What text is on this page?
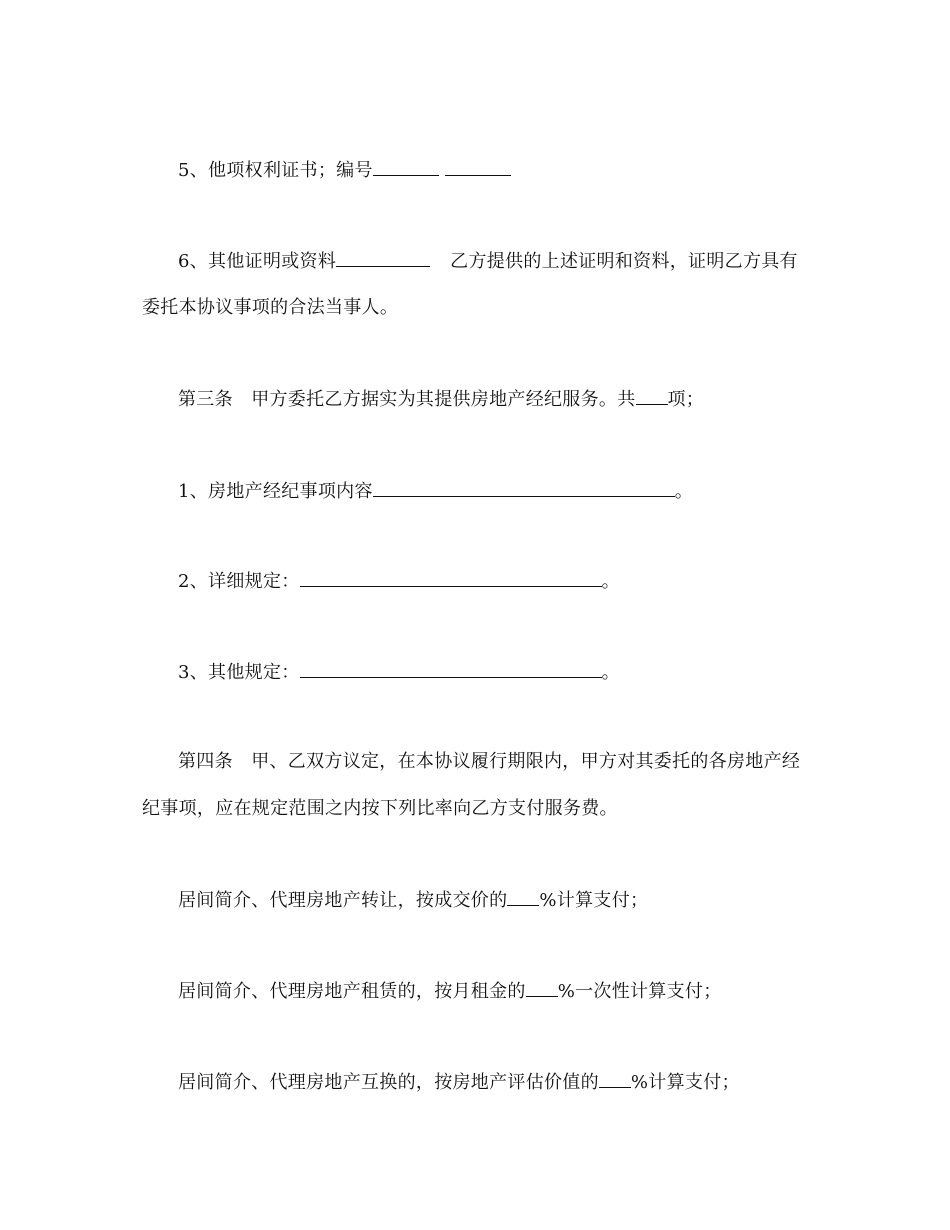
5、他项权利证书；编号
6、其他证明或资料	乙方提供的上述证明和资料，证明乙方具有
委托本协议事项的合法当事人。
第三条　甲方委托乙方据实为其提供房地产经纪服务。共 项；
1、房地产经纪事项内容	。
2、详细规定：	。
3、其他规定：	。
第四条　甲、乙双方议定，在本协议履行期限内，甲方对其委托的各房地产经
纪事项，应在规定范围之内按下列比率向乙方支付服务费。
居间简介、代理房地产转让，按成交价的 %计算支付；
居间简介、代理房地产租赁的，按月租金的 %一次性计算支付；
居间简介、代理房地产互换的，按房地产评估价值的 %计算支付；
